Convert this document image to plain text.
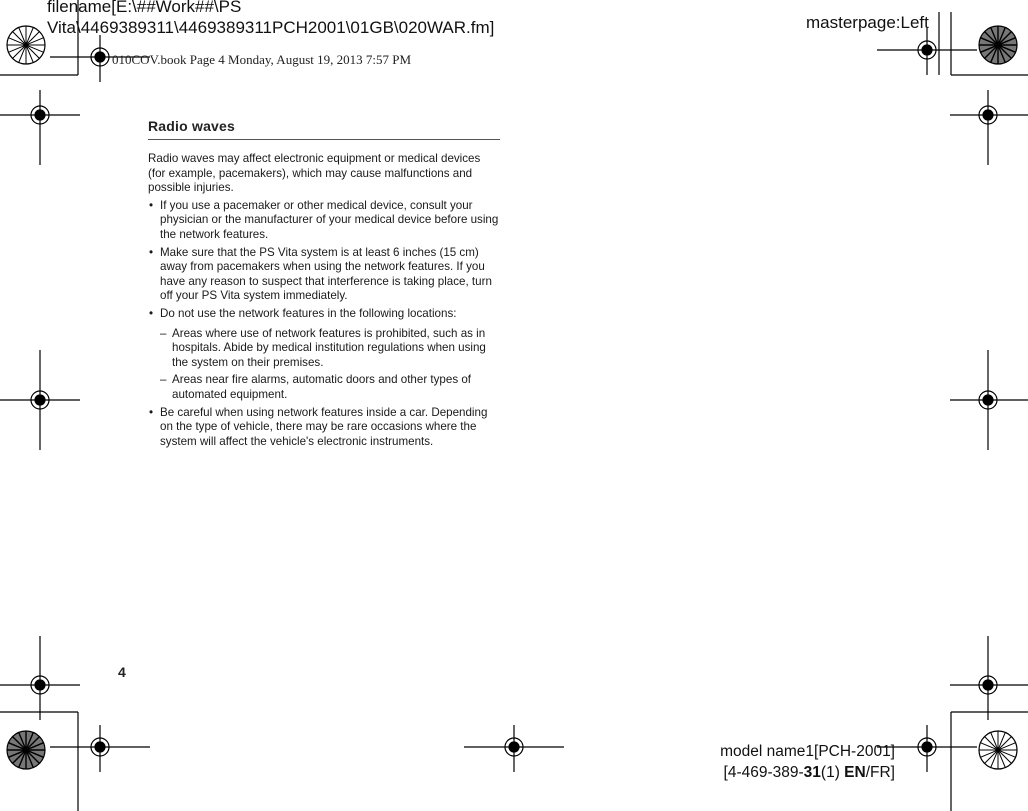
filename[E:\##Work##\PS
Vita\4469389311\4469389311PCH2001\01GB\020WAR.fm]	masterpage:Left
010COV.book Page 4 Monday, August 19, 2013 7:57 PM
Radio waves

Radio waves may affect electronic equipment or medical devices (for example, pacemakers), which may cause malfunctions and possible injuries.

• If you use a pacemaker or other medical device, consult your physician or the manufacturer of your medical device before using the network features.
• Make sure that the PS Vita system is at least 6 inches (15 cm) away from pacemakers when using the network features. If you have any reason to suspect that interference is taking place, turn off your PS Vita system immediately.
• Do not use the network features in the following locations:
– Areas where use of network features is prohibited, such as in hospitals. Abide by medical institution regulations when using the system on their premises.
– Areas near fire alarms, automatic doors and other types of automated equipment.
• Be careful when using network features inside a car. Depending on the type of vehicle, there may be rare occasions where the system will affect the vehicle's electronic instruments.
4
model name1[PCH-2001]
[4-469-389-31(1) EN/FR]
